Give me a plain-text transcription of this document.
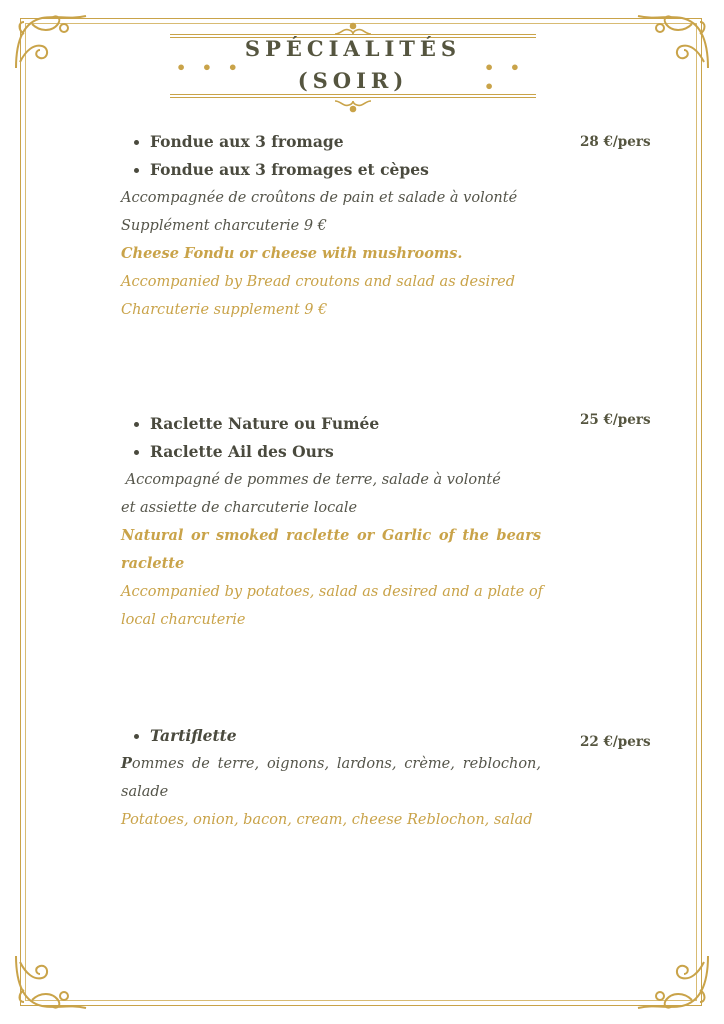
SPÉCIALITÉS
(SOIR)
• • •	• • •
Fondue aux 3 fromage
Fondue aux 3 fromages et cèpes
Accompagnée de croûtons de pain et salade à volonté
Supplément charcuterie 9 €
Cheese Fondu or cheese with mushrooms.
Accompanied by Bread croutons and salad as desired
Charcuterie supplement 9 €
28 €/pers
Raclette Nature ou Fumée
Raclette Ail des Ours
Accompagné de pommes de terre, salade à volonté
et assiette de charcuterie locale
Natural or smoked raclette or Garlic of the bears
raclette
Accompanied by potatoes, salad as desired and a plate of
local charcuterie
25 €/pers
Tartiflette
Pommes de terre, oignons, lardons, crème, reblochon,
salade
Potatoes, onion, bacon, cream, cheese Reblochon, salad
22 €/pers
